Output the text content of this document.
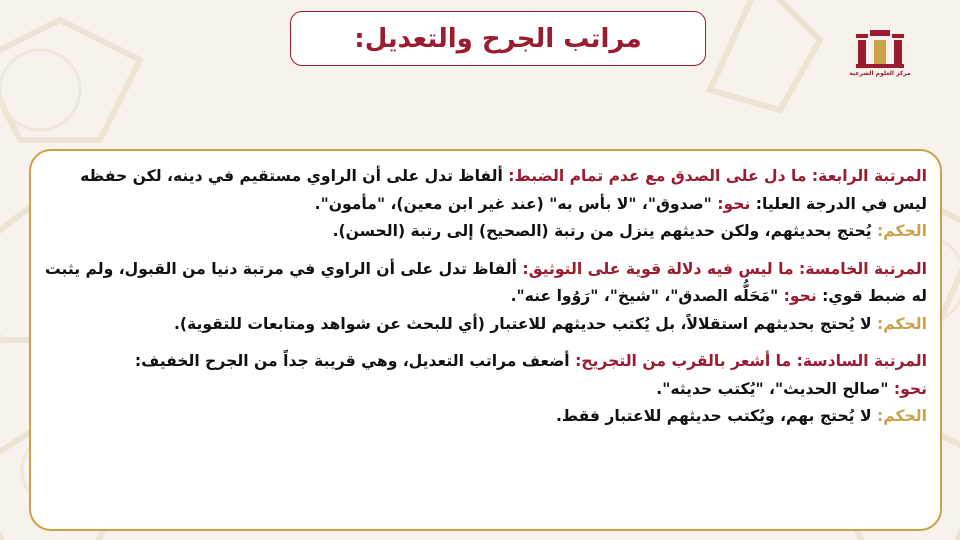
مراتب الجرح والتعديل:
مركز العلوم الشرعية

المرتبة الرابعة: ما دل على الصدق مع عدم تمام الضبط: ألفاظ تدل على أن الراوي مستقيم في دينه، لكن حفظه ليس في الدرجة العليا: نحو: "صدوق"، "لا بأس به" (عند غير ابن معين)، "مأمون".
الحكم: يُحتج بحديثهم، ولكن حديثهم ينزل من رتبة (الصحيح) إلى رتبة (الحسن).

المرتبة الخامسة: ما ليس فيه دلالة قوية على التوثيق: ألفاظ تدل على أن الراوي في مرتبة دنيا من القبول، ولم يثبت له ضبط قوي: نحو: "مَحَلُّه الصدق"، "شيخ"، "رَوُوا عنه".
الحكم: لا يُحتج بحديثهم استقلالاً، بل يُكتب حديثهم للاعتبار (أي للبحث عن شواهد ومتابعات للتقوية).

المرتبة السادسة: ما أشعر بالقرب من التجريح: أضعف مراتب التعديل، وهي قريبة جداً من الجرح الخفيف:
نحو: "صالح الحديث"، "يُكتب حديثه".
الحكم: لا يُحتج بهم، ويُكتب حديثهم للاعتبار فقط.
